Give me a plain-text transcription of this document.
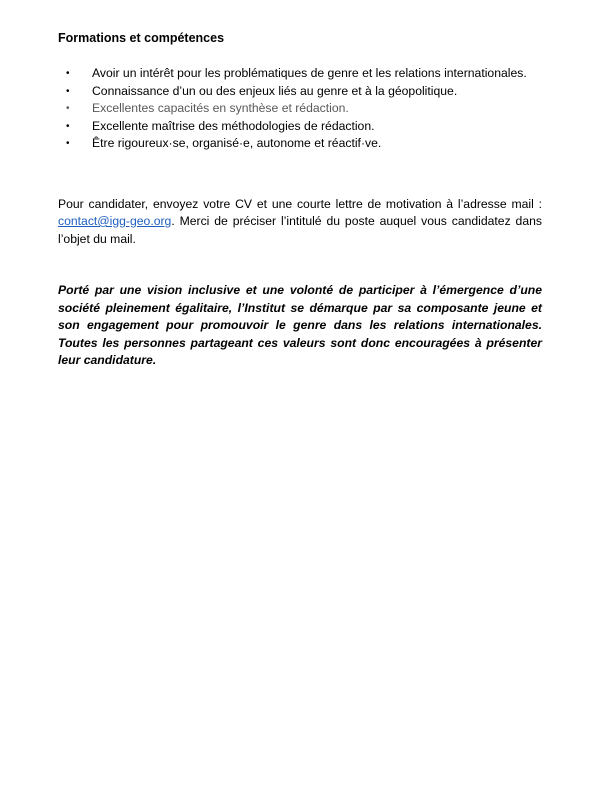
Formations et compétences
•	Avoir un intérêt pour les problématiques de genre et les relations internationales.
•	Connaissance d’un ou des enjeux liés au genre et à la géopolitique.
•	Excellentes capacités en synthèse et rédaction.
•	Excellente maîtrise des méthodologies de rédaction.
•	Être rigoureux·se, organisé·e, autonome et réactif·ve.

Pour candidater, envoyez votre CV et une courte lettre de motivation à l’adresse mail : contact@igg-geo.org. Merci de préciser l’intitulé du poste auquel vous candidatez dans l’objet du mail.

Porté par une vision inclusive et une volonté de participer à l’émergence d’une société pleinement égalitaire, l’Institut se démarque par sa composante jeune et son engagement pour promouvoir le genre dans les relations internationales. Toutes les personnes partageant ces valeurs sont donc encouragées à présenter leur candidature.
